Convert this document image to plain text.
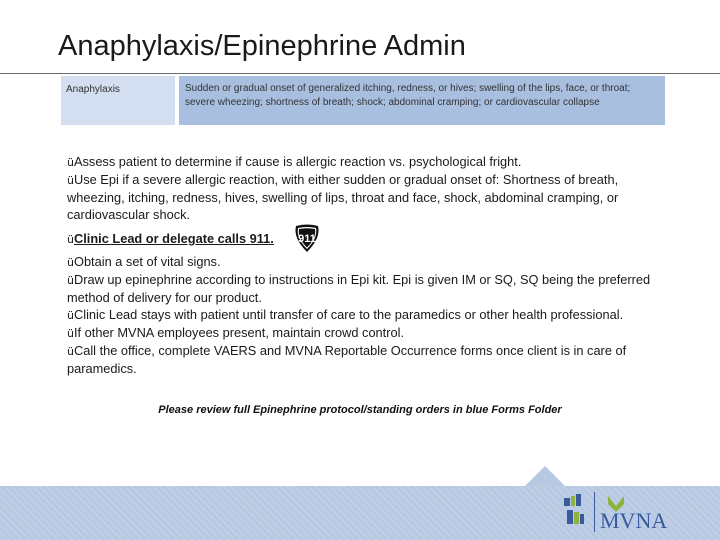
Anaphylaxis/Epinephrine Admin
Anaphylaxis	Sudden or gradual onset of generalized itching, redness, or hives; swelling of the lips, face, or throat; severe wheezing; shortness of breath; shock; abdominal cramping; or cardiovascular collapse

üAssess patient to determine if cause is allergic reaction vs. psychological fright.

üUse Epi if a severe allergic reaction, with either sudden or gradual onset of: Shortness of breath, wheezing, itching, redness, hives, swelling of lips, throat and face, shock, abdominal cramping, or cardiovascular shock.

üClinic Lead or delegate calls 911. 911

üObtain a set of vital signs.

üDraw up epinephrine according to instructions in Epi kit. Epi is given IM or SQ, SQ being the preferred method of delivery for our product.

üClinic Lead stays with patient until transfer of care to the paramedics or other health professional.

üIf other MVNA employees present, maintain crowd control.

üCall the office, complete VAERS and MVNA Reportable Occurrence forms once client is in care of paramedics.

Please review full Epinephrine protocol/standing orders in blue Forms Folder
MVNA
